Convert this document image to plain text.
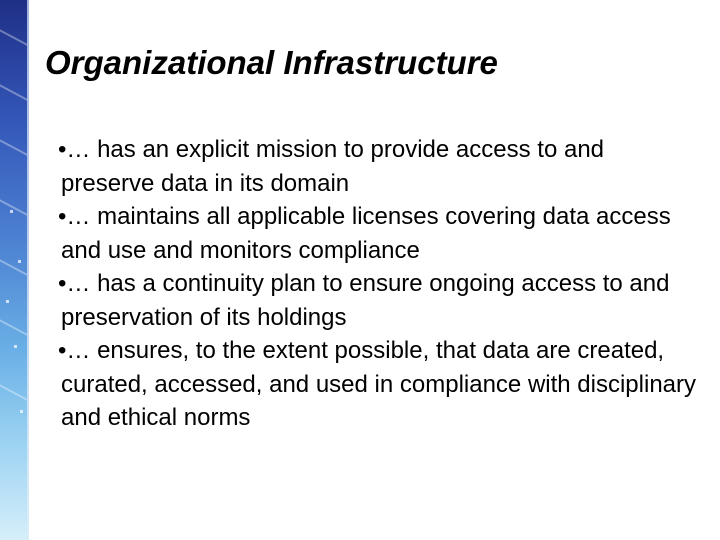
Organizational Infrastructure
•… has an explicit mission to provide access to and preserve data in its domain
•… maintains all applicable licenses covering data access and use and monitors compliance
•… has a continuity plan to ensure ongoing access to and preservation of its holdings
•… ensures, to the extent possible, that data are created, curated, accessed, and used in compliance with disciplinary and ethical norms
